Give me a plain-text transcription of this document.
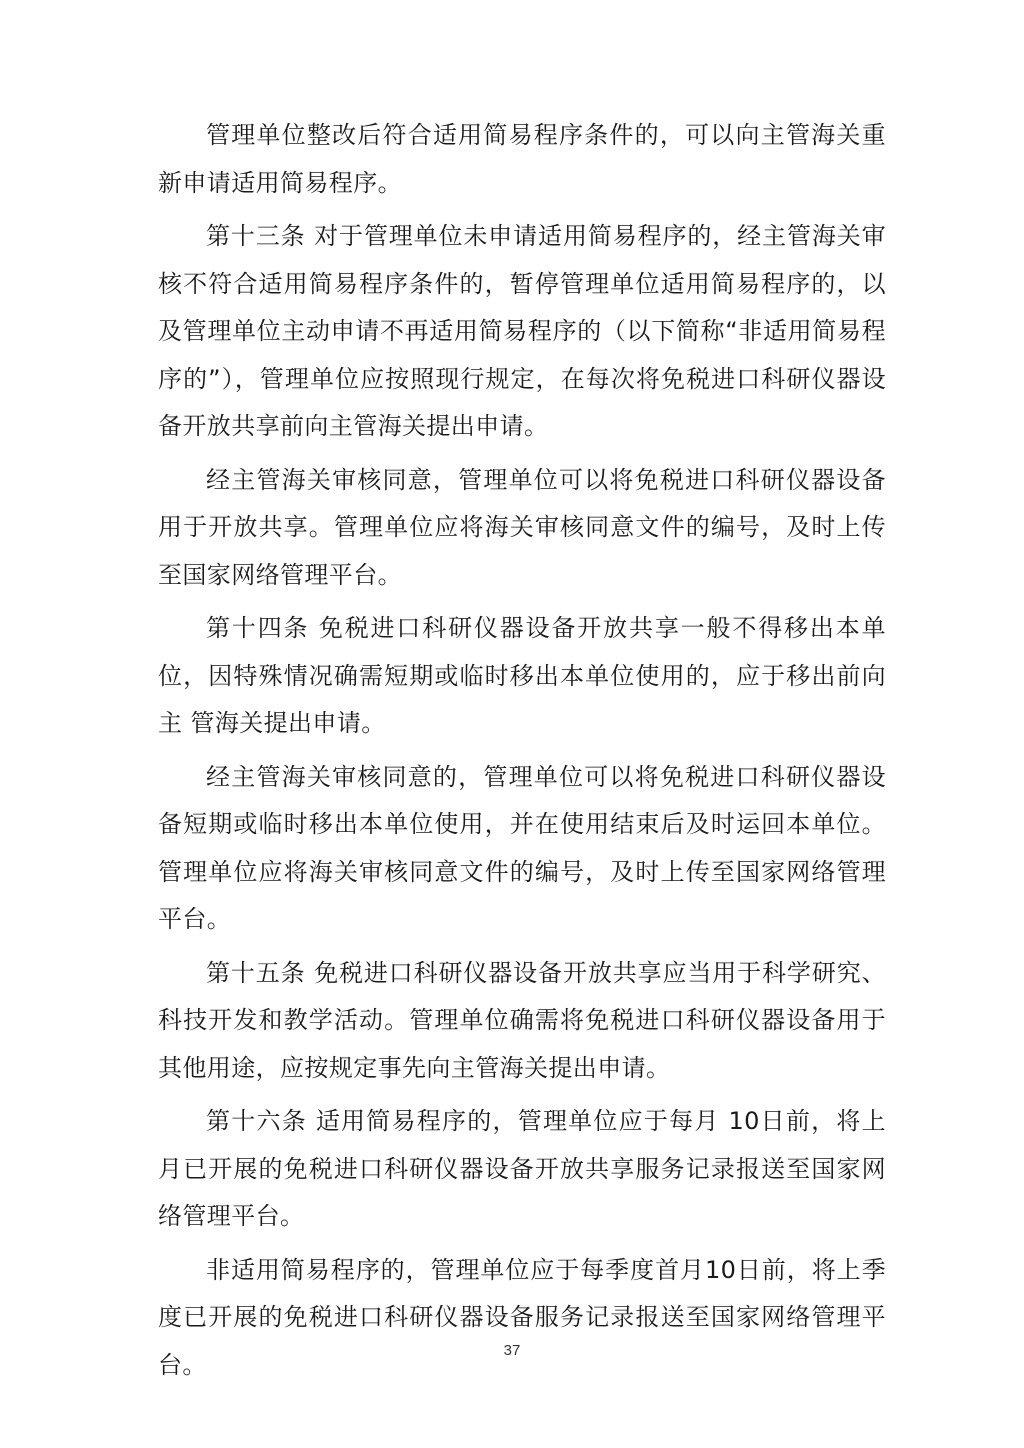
管理单位整改后符合适用简易程序条件的，可以向主管海关重新申请适用简易程序。

第十三条 对于管理单位未申请适用简易程序的，经主管海关审核不符合适用简易程序条件的，暂停管理单位适用简易程序的，以及管理单位主动申请不再适用简易程序的（以下简称“非适用简易程序的”），管理单位应按照现行规定，在每次将免税进口科研仪器设备开放共享前向主管海关提出申请。

经主管海关审核同意，管理单位可以将免税进口科研仪器设备用于开放共享。管理单位应将海关审核同意文件的编号，及时上传至国家网络管理平台。

第十四条 免税进口科研仪器设备开放共享一般不得移出本单位，因特殊情况确需短期或临时移出本单位使用的，应于移出前向主 管海关提出申请。

经主管海关审核同意的，管理单位可以将免税进口科研仪器设备短期或临时移出本单位使用，并在使用结束后及时运回本单位。管理单位应将海关审核同意文件的编号，及时上传至国家网络管理平台。

第十五条 免税进口科研仪器设备开放共享应当用于科学研究、科技开发和教学活动。管理单位确需将免税进口科研仪器设备用于其他用途，应按规定事先向主管海关提出申请。

第十六条 适用简易程序的，管理单位应于每月 10日前，将上月已开展的免税进口科研仪器设备开放共享服务记录报送至国家网络管理平台。

非适用简易程序的，管理单位应于每季度首月10日前，将上季度已开展的免税进口科研仪器设备服务记录报送至国家网络管理平台。	37
